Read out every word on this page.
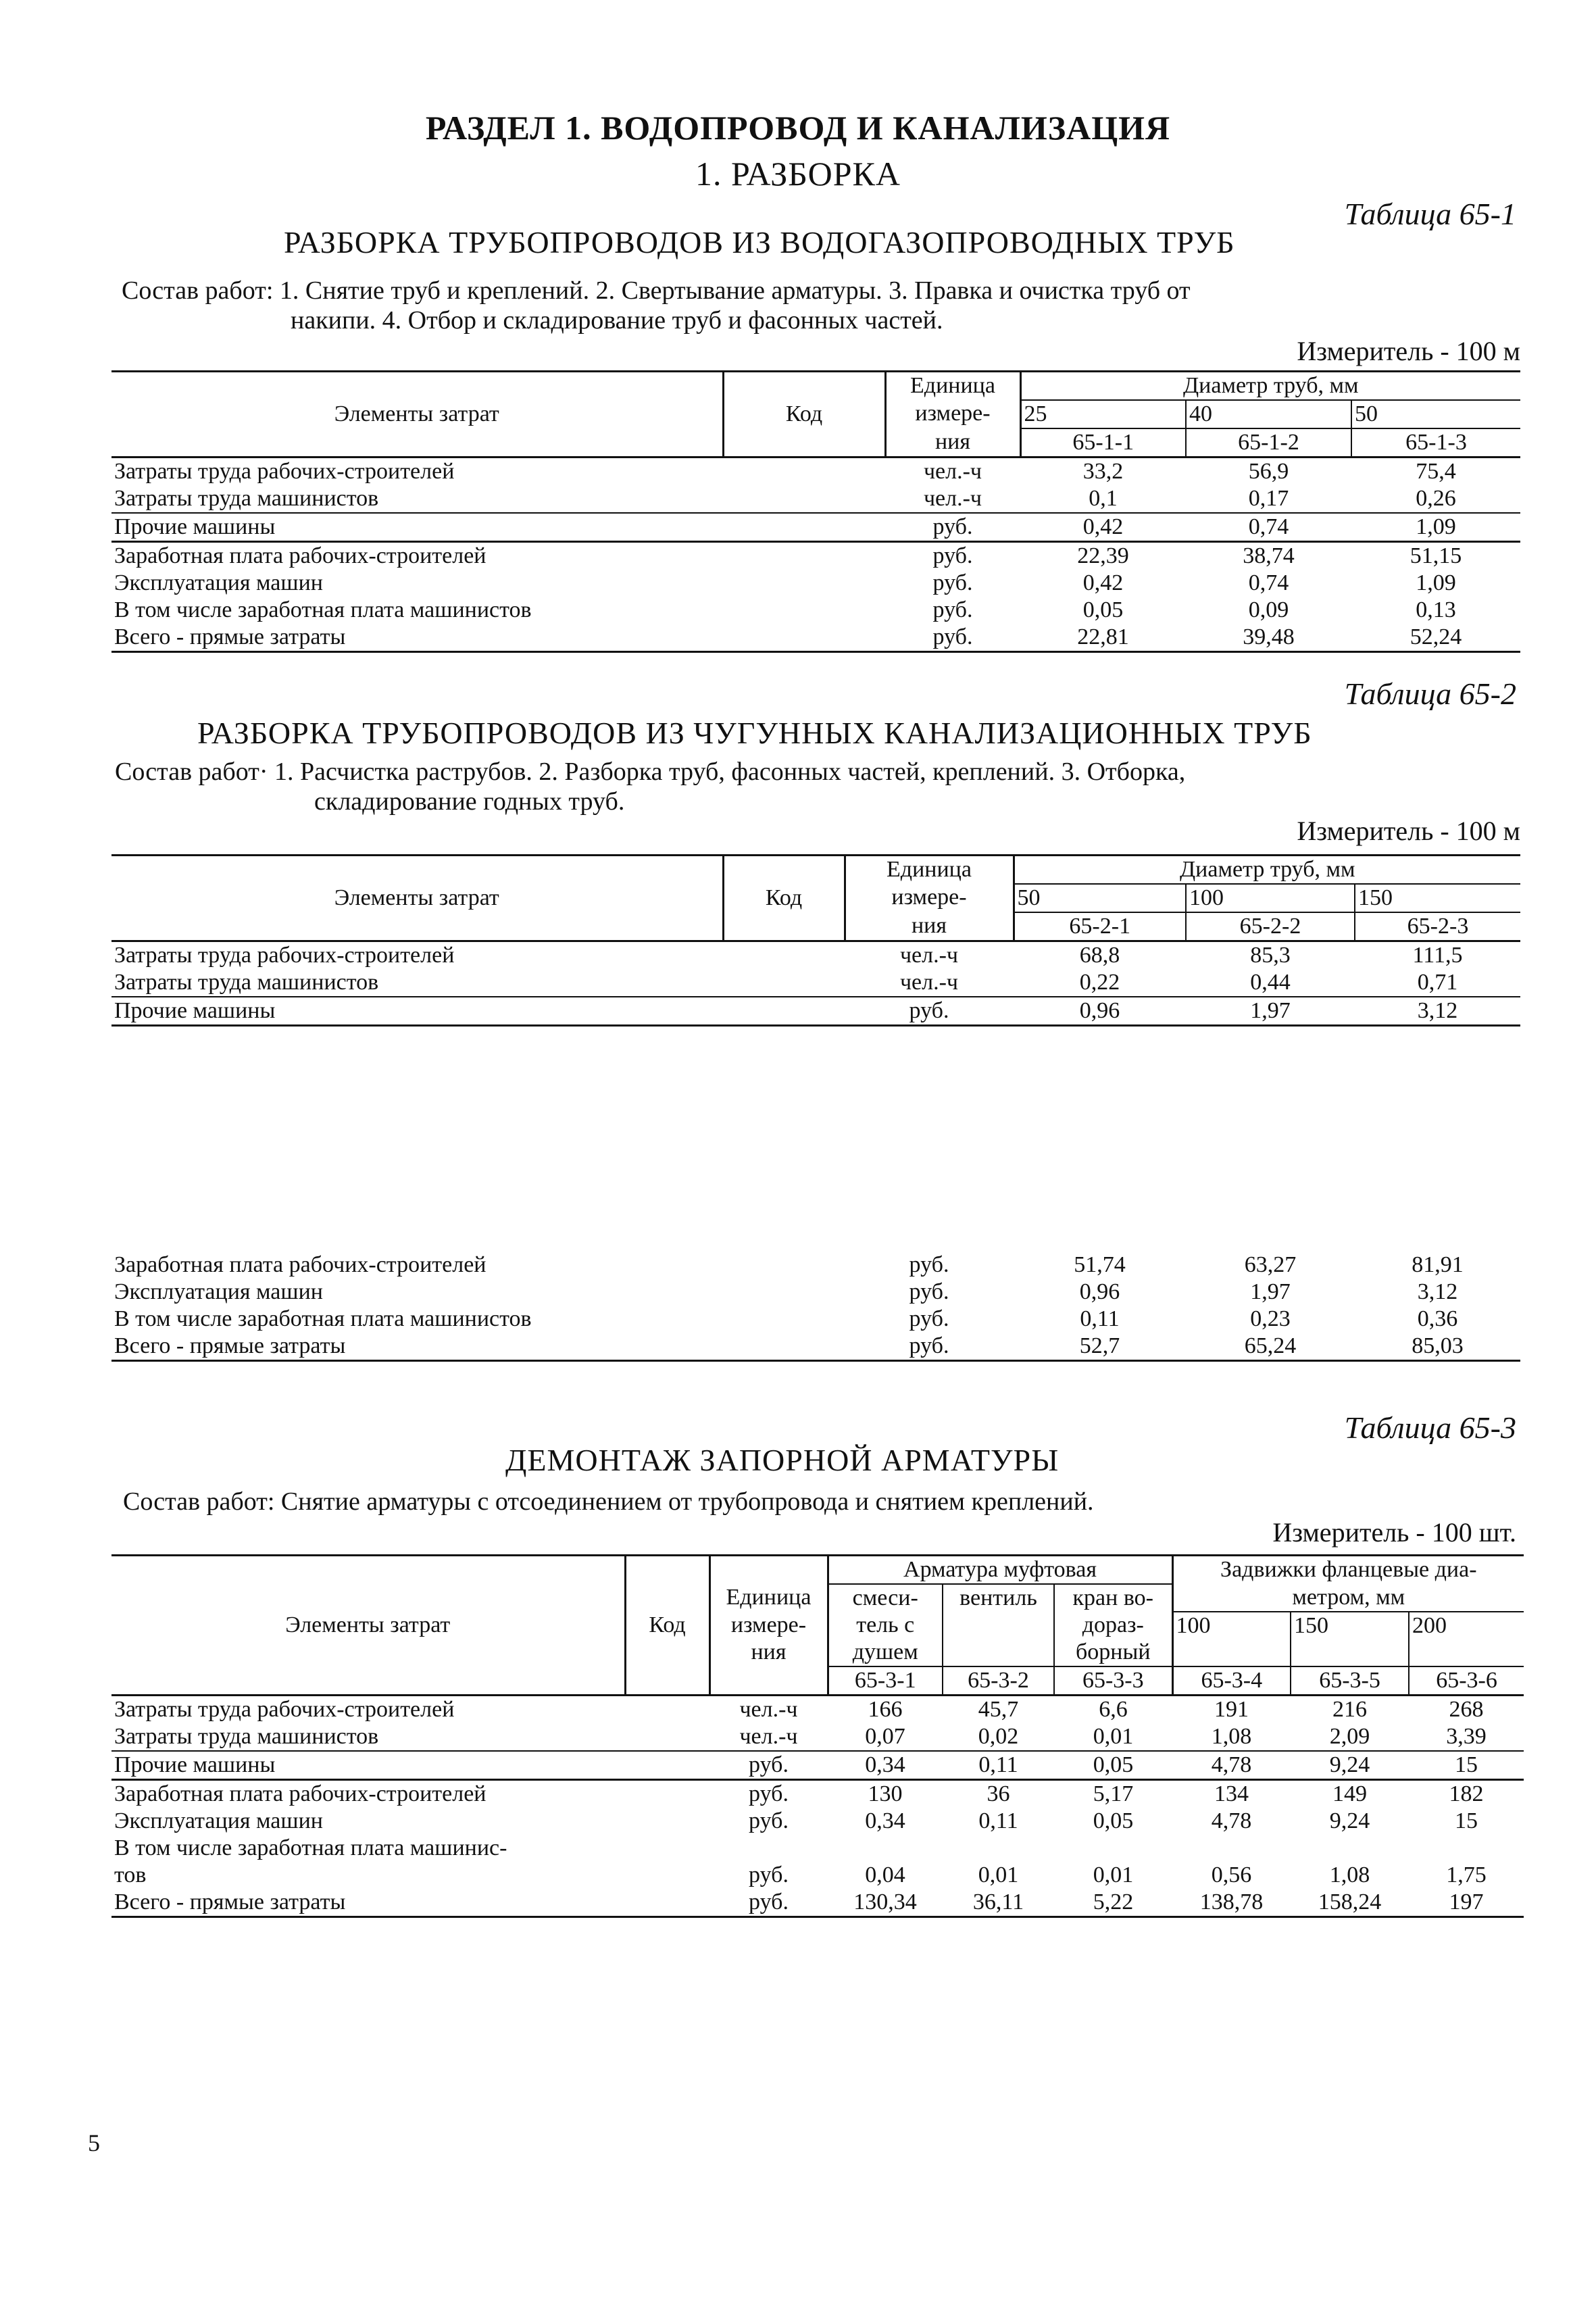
РАЗДЕЛ 1. ВОДОПРОВОД И КАНАЛИЗАЦИЯ
1. РАЗБОРКА
Таблица 65-1
РАЗБОРКА ТРУБОПРОВОДОВ ИЗ ВОДОГАЗОПРОВОДНЫХ ТРУБ
Состав работ: 1. Снятие труб и креплений. 2. Свертывание арматуры. 3. Правка и очистка труб от
накипи. 4. Отбор и складирование труб и фасонных частей.
Измеритель - 100 м
Элементы затрат	Код	Единица	Диаметр труб, мм		
		измере-	25	40	50
		ния	65-1-1	65-1-2	65-1-3
Затраты труда рабочих-строителей		чел.-ч	33,2	56,9	75,4
Затраты труда машинистов		чел.-ч	0,1	0,17	0,26
Прочие машины		руб.	0,42	0,74	1,09
Заработная плата рабочих-строителей		руб.	22,39	38,74	51,15
Эксплуатация машин		руб.	0,42	0,74	1,09
В том числе заработная плата машинистов		руб.	0,05	0,09	0,13
Всего - прямые затраты		руб.	22,81	39,48	52,24
Таблица 65-2
РАЗБОРКА ТРУБОПРОВОДОВ ИЗ ЧУГУННЫХ КАНАЛИЗАЦИОННЫХ ТРУБ
Состав работ· 1. Расчистка раструбов. 2. Разборка труб, фасонных частей, креплений. 3. Отборка,
складирование годных труб.
Измеритель - 100 м
Элементы затрат	Код	Единица	Диаметр труб, мм		
		измере-	50	100	150
		ния	65-2-1	65-2-2	65-2-3
Затраты труда рабочих-строителей		чел.-ч	68,8	85,3	111,5
Затраты труда машинистов		чел.-ч	0,22	0,44	0,71
Прочие машины		руб.	0,96	1,97	3,12
Заработная плата рабочих-строителей		руб.	51,74	63,27	81,91
Эксплуатация машин		руб.	0,96	1,97	3,12
В том числе заработная плата машинистов		руб.	0,11	0,23	0,36
Всего - прямые затраты		руб.	52,7	65,24	85,03
Таблица 65-3
ДЕМОНТАЖ ЗАПОРНОЙ АРМАТУРЫ
Состав работ: Снятие арматуры с отсоединением от трубопровода и снятием креплений.
Измеритель - 100 шт.
Элементы затрат	Код		Арматура муфтовая			Задвижки фланцевые диа-		
		Единица	смеси-	вентиль	кран во-	метром, мм		
		измере-	тель с		дораз-	100	150	200
		ния	душем		борный			
			65-3-1	65-3-2	65-3-3	65-3-4	65-3-5	65-3-6
Затраты труда рабочих-строителей		чел.-ч	166	45,7	6,6	191	216	268
Затраты труда машинистов		чел.-ч	0,07	0,02	0,01	1,08	2,09	3,39
Прочие машины		руб.	0,34	0,11	0,05	4,78	9,24	15
Заработная плата рабочих-строителей		руб.	130	36	5,17	134	149	182
Эксплуатация машин		руб.	0,34	0,11	0,05	4,78	9,24	15
В том числе заработная плата машинис-								
тов		руб.	0,04	0,01	0,01	0,56	1,08	1,75
Всего - прямые затраты		руб.	130,34	36,11	5,22	138,78	158,24	197
5
